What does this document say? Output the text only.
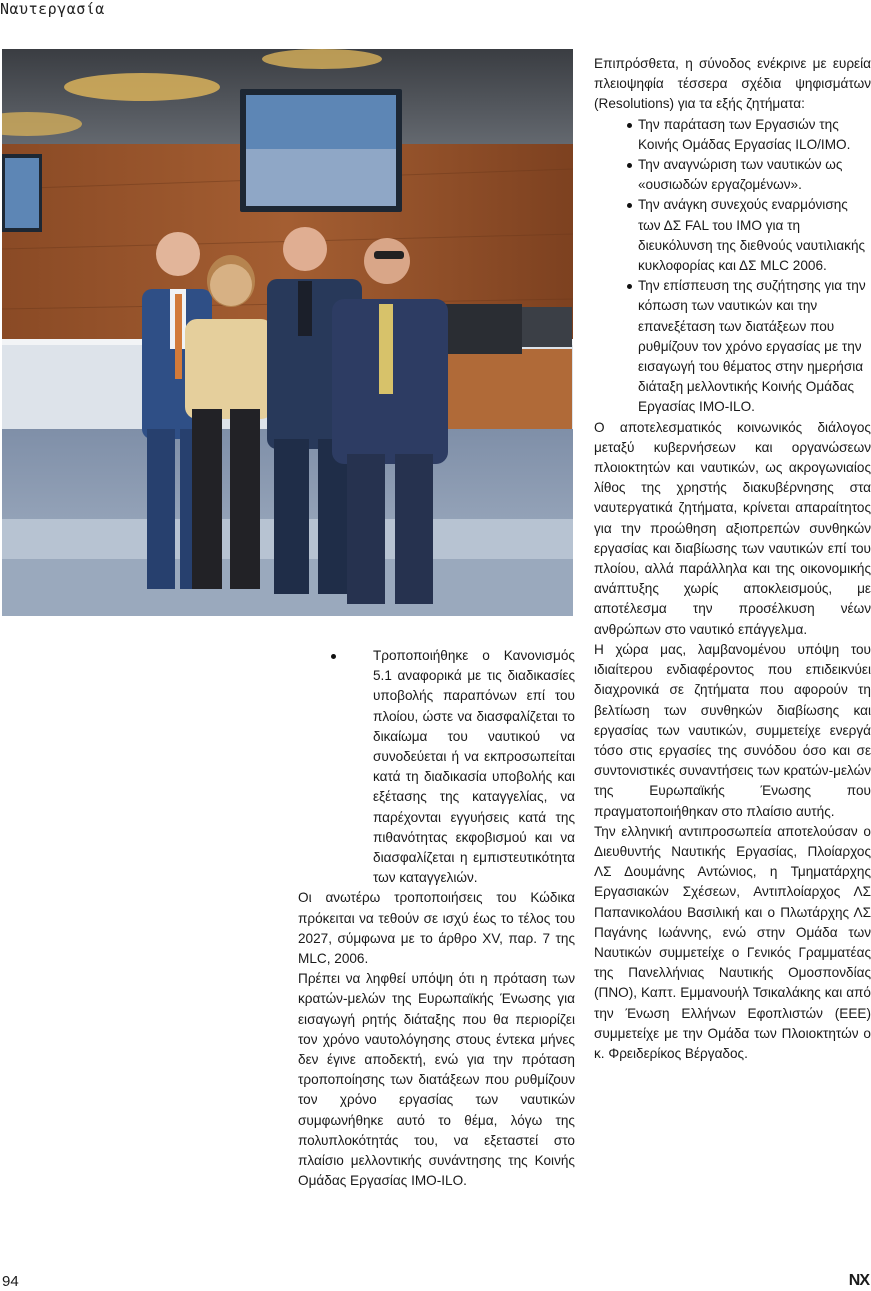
Ναυτεργασία

Επιπρόσθετα, η σύνοδος ενέκρινε με ευρεία πλειοψηφία τέσσερα σχέδια ψηφισμάτων (Resolutions) για τα εξής ζητήματα:

Την παράταση των Εργασιών της Κοινής Ομάδας Εργασίας ILO/IMO.
Την αναγνώριση των ναυτικών ως «ουσιωδών εργαζομένων».
Την ανάγκη συνεχούς εναρμόνισης των ΔΣ FAL του IMO για τη διευκόλυνση της διεθνούς ναυτιλιακής κυκλοφορίας και ΔΣ MLC 2006.
Την επίσπευση της συζήτησης για την κόπωση των ναυτικών και την επανεξέταση των διατάξεων που ρυθμίζουν τον χρόνο εργασίας με την εισαγωγή του θέματος στην ημερήσια διάταξη μελλοντικής Κοινής Ομάδας Εργασίας IMO-ILO.

Ο αποτελεσματικός κοινωνικός διάλογος μεταξύ κυβερνήσεων και οργανώσεων πλοιοκτητών και ναυτικών, ως ακρογωνιαίος λίθος της χρηστής διακυβέρνησης στα ναυτεργατικά ζητήματα, κρίνεται απαραίτητος για την προώθηση αξιοπρεπών συνθηκών εργασίας και διαβίωσης των ναυτικών επί του πλοίου, αλλά παράλληλα και της οικονομικής ανάπτυξης χωρίς αποκλεισμούς, με αποτέλεσμα την προσέλκυση νέων ανθρώπων στο ναυτικό επάγγελμα.

Η χώρα μας, λαμβανομένου υπόψη του ιδιαίτερου ενδιαφέροντος που επιδεικνύει διαχρονικά σε ζητήματα που αφορούν τη βελτίωση των συνθηκών διαβίωσης και εργασίας των ναυτικών, συμμετείχε ενεργά τόσο στις εργασίες της συνόδου όσο και σε συντονιστικές συναντήσεις των κρατών-μελών της Ευρωπαϊκής Ένωσης που πραγματοποιήθηκαν στο πλαίσιο αυτής.

Την ελληνική αντιπροσωπεία αποτελούσαν ο Διευθυντής Ναυτικής Εργασίας, Πλοίαρχος ΛΣ Δουμάνης Αντώνιος, η Τμηματάρχης Εργασιακών Σχέσεων, Αντιπλοίαρχος ΛΣ Παπανικολάου Βασιλική και ο Πλωτάρχης ΛΣ Παγάνης Ιωάννης, ενώ στην Ομάδα των Ναυτικών συμμετείχε ο Γενικός Γραμματέας της Πανελλήνιας Ναυτικής Ομοσπονδίας (ΠΝΟ), Καπτ. Εμμανουήλ Τσικαλάκης και από την Ένωση Ελλήνων Εφοπλιστών (ΕΕΕ) συμμετείχε με την Ομάδα των Πλοιοκτητών ο κ. Φρειδερίκος Βέργαδος.

Τροποποιήθηκε ο Κανονισμός 5.1 αναφορικά με τις διαδικασίες υποβολής παραπόνων επί του πλοίου, ώστε να διασφαλίζεται το δικαίωμα του ναυτικού να συνοδεύεται ή να εκπροσωπείται κατά τη διαδικασία υποβολής και εξέτασης της καταγγελίας, να παρέχονται εγγυήσεις κατά της πιθανότητας εκφοβισμού και να διασφαλίζεται η εμπιστευτικότητα των καταγγελιών.

Οι ανωτέρω τροποποιήσεις του Κώδικα πρόκειται να τεθούν σε ισχύ έως το τέλος του 2027, σύμφωνα με το άρθρο XV, παρ. 7 της MLC, 2006.

Πρέπει να ληφθεί υπόψη ότι η πρόταση των κρατών-μελών της Ευρωπαϊκής Ένωσης για εισαγωγή ρητής διάταξης που θα περιορίζει τον χρόνο ναυτολόγησης στους έντεκα μήνες δεν έγινε αποδεκτή, ενώ για την πρόταση τροποποίησης των διατάξεων που ρυθμίζουν τον χρόνο εργασίας των ναυτικών συμφωνήθηκε αυτό το θέμα, λόγω της πολυπλοκότητάς του, να εξεταστεί στο πλαίσιο μελλοντικής συνάντησης της Κοινής Ομάδας Εργασίας IMO-ILO.

94	NX
